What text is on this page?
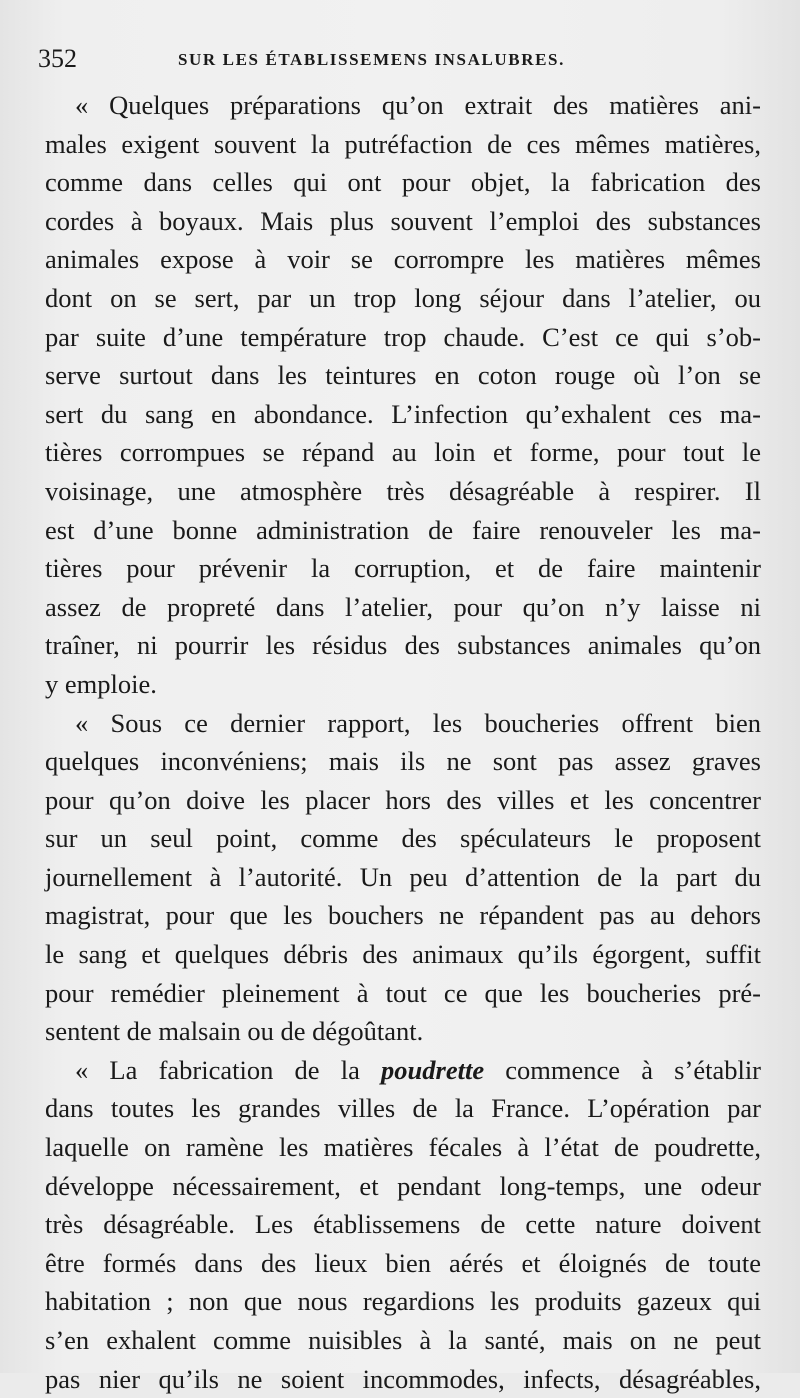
352	SUR LES ÉTABLISSEMENS INSALUBRES.
« Quelques préparations qu’on extrait des matières ani-
males exigent souvent la putréfaction de ces mêmes matières,
comme dans celles qui ont pour objet, la fabrication des
cordes à boyaux. Mais plus souvent l’emploi des substances
animales expose à voir se corrompre les matières mêmes
dont on se sert, par un trop long séjour dans l’atelier, ou
par suite d’une température trop chaude. C’est ce qui s’ob-
serve surtout dans les teintures en coton rouge où l’on se
sert du sang en abondance. L’infection qu’exhalent ces ma-
tières corrompues se répand au loin et forme, pour tout le
voisinage, une atmosphère très désagréable à respirer. Il
est d’une bonne administration de faire renouveler les ma-
tières pour prévenir la corruption, et de faire maintenir
assez de propreté dans l’atelier, pour qu’on n’y laisse ni
traîner, ni pourrir les résidus des substances animales qu’on
y emploie.
« Sous ce dernier rapport, les boucheries offrent bien
quelques inconvéniens; mais ils ne sont pas assez graves
pour qu’on doive les placer hors des villes et les concentrer
sur un seul point, comme des spéculateurs le proposent
journellement à l’autorité. Un peu d’attention de la part du
magistrat, pour que les bouchers ne répandent pas au dehors
le sang et quelques débris des animaux qu’ils égorgent, suffit
pour remédier pleinement à tout ce que les boucheries pré-
sentent de malsain ou de dégoûtant.
« La fabrication de la poudrette commence à s’établir
dans toutes les grandes villes de la France. L’opération par
laquelle on ramène les matières fécales à l’état de poudrette,
développe nécessairement, et pendant long-temps, une odeur
très désagréable. Les établissemens de cette nature doivent
être formés dans des lieux bien aérés et éloignés de toute
habitation ; non que nous regardions les produits gazeux qui
s’en exhalent comme nuisibles à la santé, mais on ne peut
pas nier qu’ils ne soient incommodes, infects, désagréables,
